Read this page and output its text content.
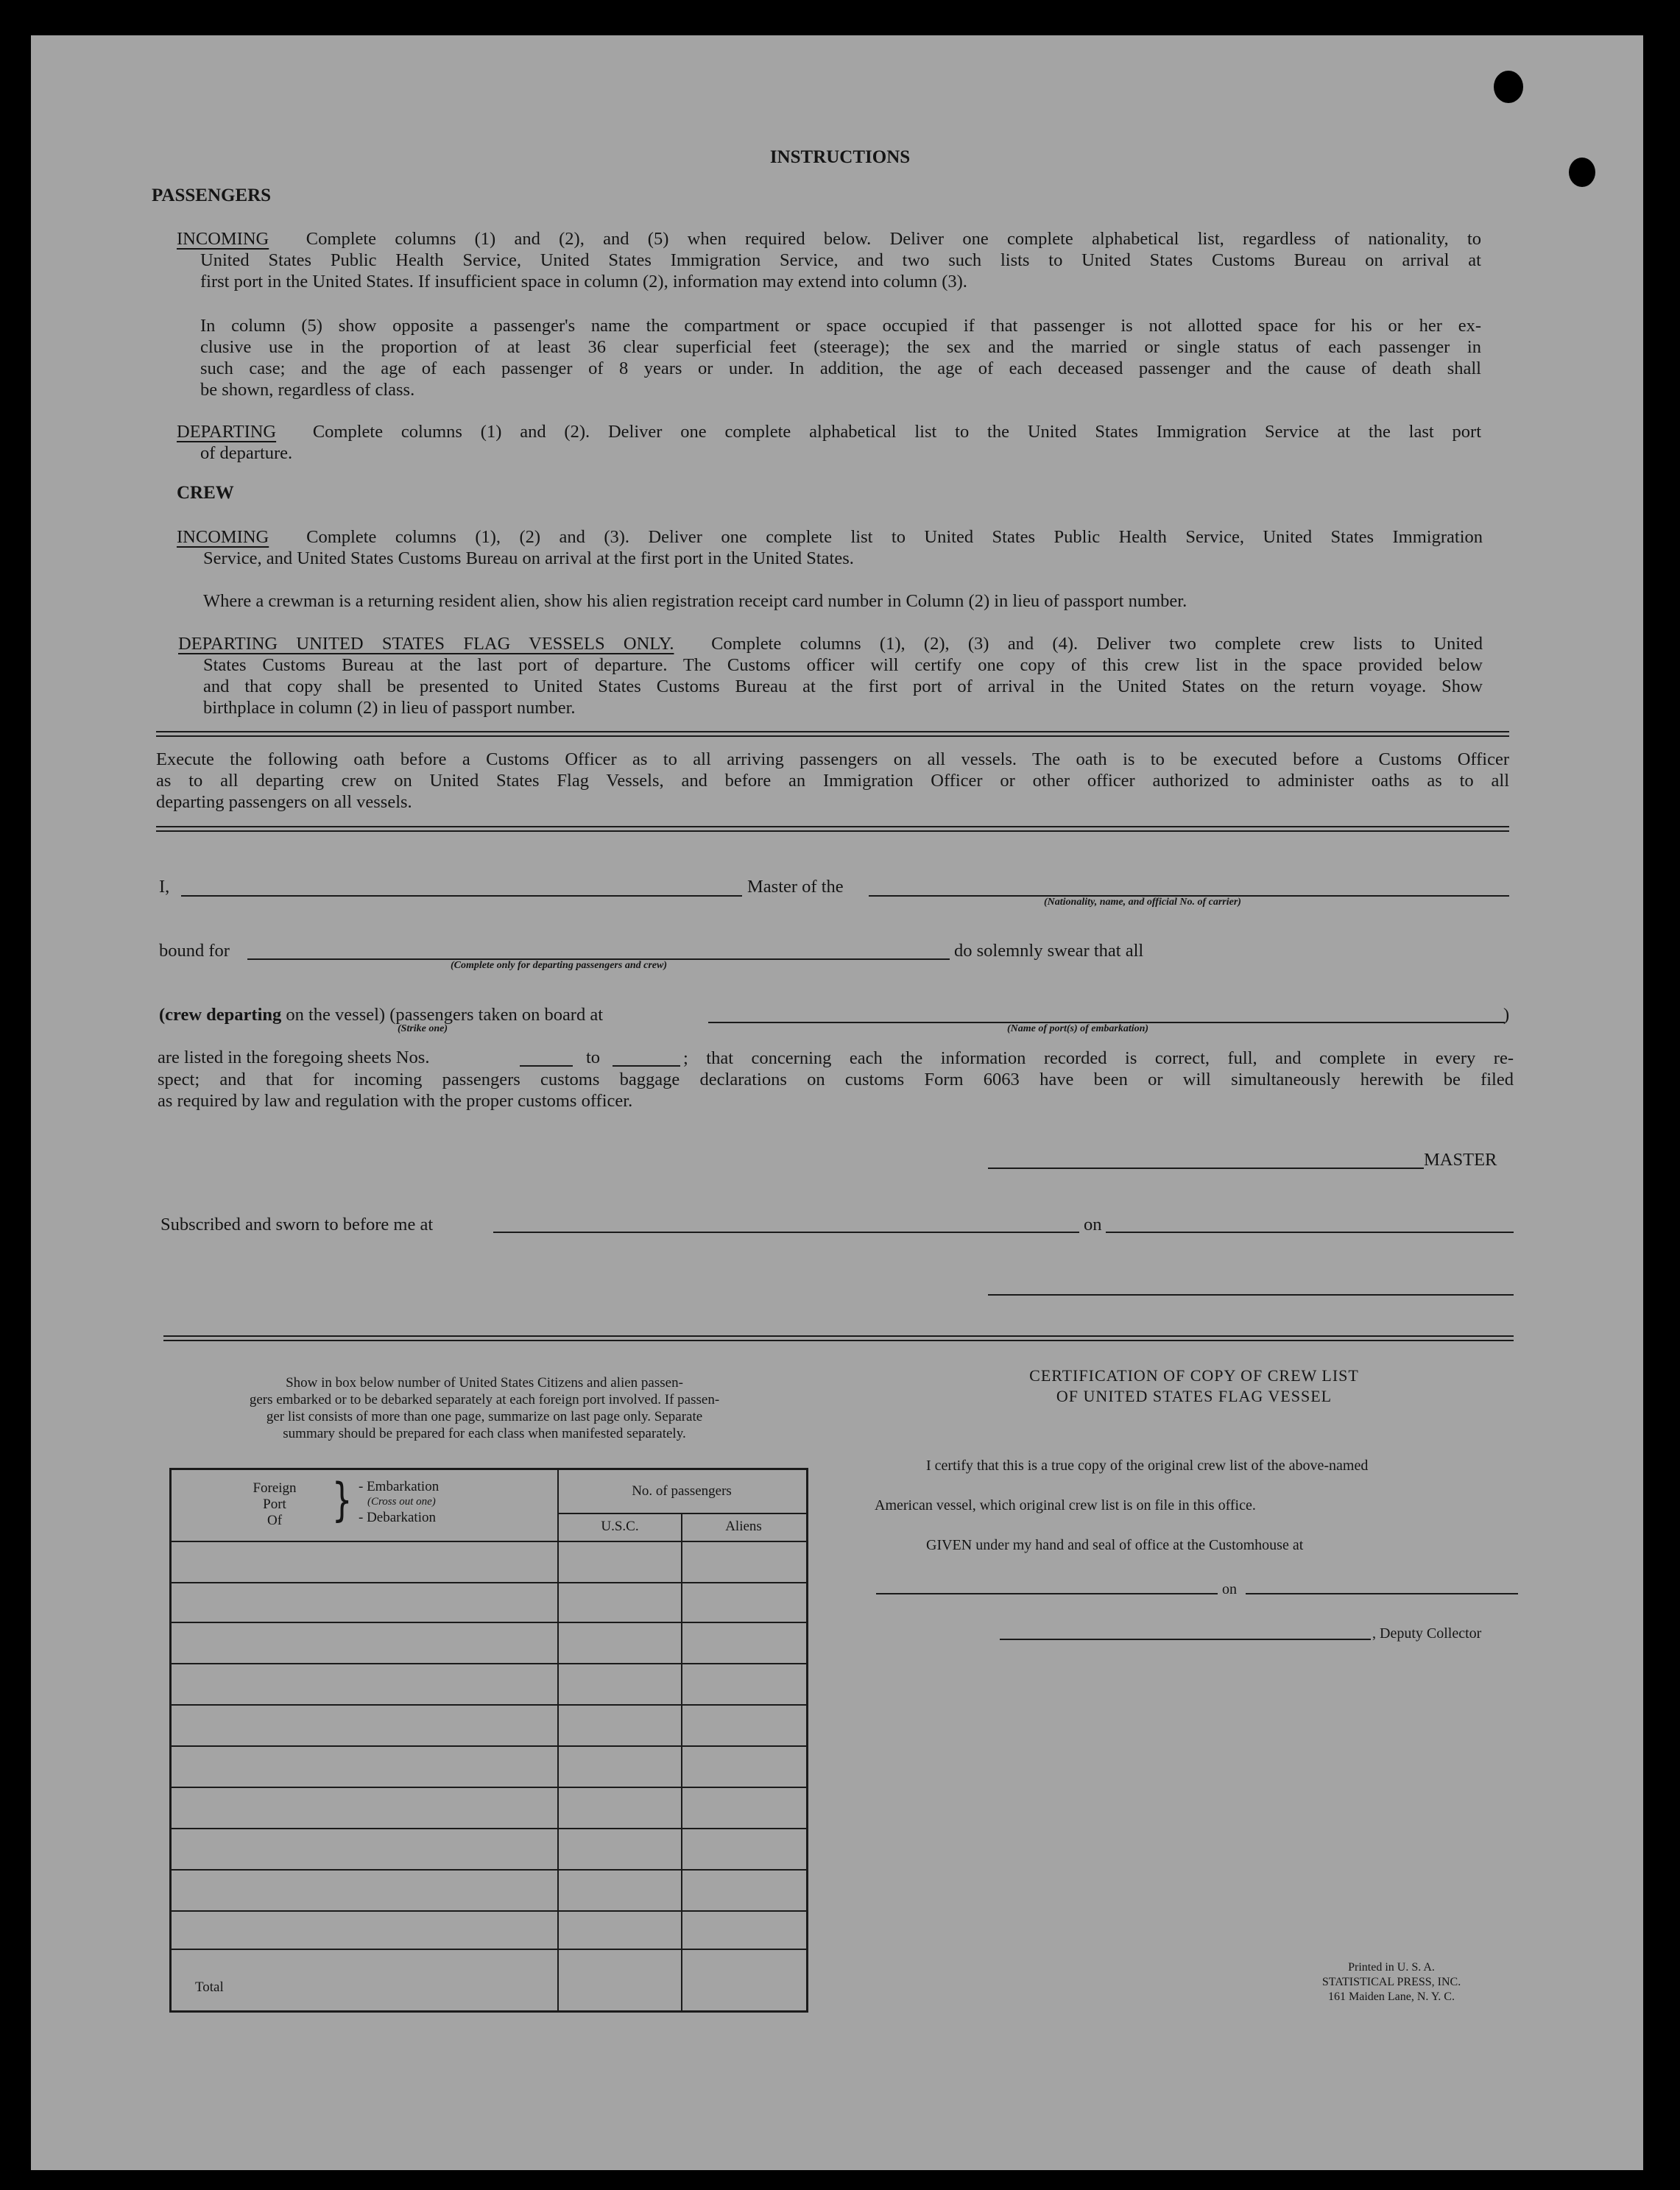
INSTRUCTIONS
PASSENGERS
INCOMING Complete columns (1) and (2), and (5) when required below. Deliver one complete alphabetical list, regardless of nationality, to
United States Public Health Service, United States Immigration Service, and two such lists to United States Customs Bureau on arrival at
first port in the United States. If insufficient space in column (2), information may extend into column (3).
In column (5) show opposite a passenger's name the compartment or space occupied if that passenger is not allotted space for his or her ex-
clusive use in the proportion of at least 36 clear superficial feet (steerage); the sex and the married or single status of each passenger in
such case; and the age of each passenger of 8 years or under. In addition, the age of each deceased passenger and the cause of death shall
be shown, regardless of class.
DEPARTING Complete columns (1) and (2). Deliver one complete alphabetical list to the United States Immigration Service at the last port
of departure.
CREW
INCOMING Complete columns (1), (2) and (3). Deliver one complete list to United States Public Health Service, United States Immigration
Service, and United States Customs Bureau on arrival at the first port in the United States.
Where a crewman is a returning resident alien, show his alien registration receipt card number in Column (2) in lieu of passport number.
DEPARTING UNITED STATES FLAG VESSELS ONLY. Complete columns (1), (2), (3) and (4). Deliver two complete crew lists to United
States Customs Bureau at the last port of departure. The Customs officer will certify one copy of this crew list in the space provided below
and that copy shall be presented to United States Customs Bureau at the first port of arrival in the United States on the return voyage. Show
birthplace in column (2) in lieu of passport number.
Execute the following oath before a Customs Officer as to all arriving passengers on all vessels. The oath is to be executed before a Customs Officer
as to all departing crew on United States Flag Vessels, and before an Immigration Officer or other officer authorized to administer oaths as to all
departing passengers on all vessels.
I,	Master of the
(Nationality, name, and official No. of carrier)
bound for
(Complete only for departing passengers and crew)
do solemnly swear that all
(crew departing on the vessel) (passengers taken on board at	)
(Strike one)	(Name of port(s) of embarkation)
are listed in the foregoing sheets Nos.	to	; that concerning each the information recorded is correct, full, and complete in every re-
spect; and that for incoming passengers customs baggage declarations on customs Form 6063 have been or will simultaneously herewith be filed
as required by law and regulation with the proper customs officer.
MASTER
Subscribed and sworn to before me at	on
Show in box below number of United States Citizens and alien passen-
gers embarked or to be debarked separately at each foreign port involved. If passen-
ger list consists of more than one page, summarize on last page only. Separate
summary should be prepared for each class when manifested separately.
Foreign
Port
Of	} - Embarkation
(Cross out one)
- Debarkation
No. of passengers
U.S.C.	Aliens
Total
CERTIFICATION OF COPY OF CREW LIST
OF UNITED STATES FLAG VESSEL
I certify that this is a true copy of the original crew list of the above-named
American vessel, which original crew list is on file in this office.
GIVEN under my hand and seal of office at the Customhouse at
on
, Deputy Collector
Printed in U. S. A.
STATISTICAL PRESS, INC.
161 Maiden Lane, N. Y. C.
